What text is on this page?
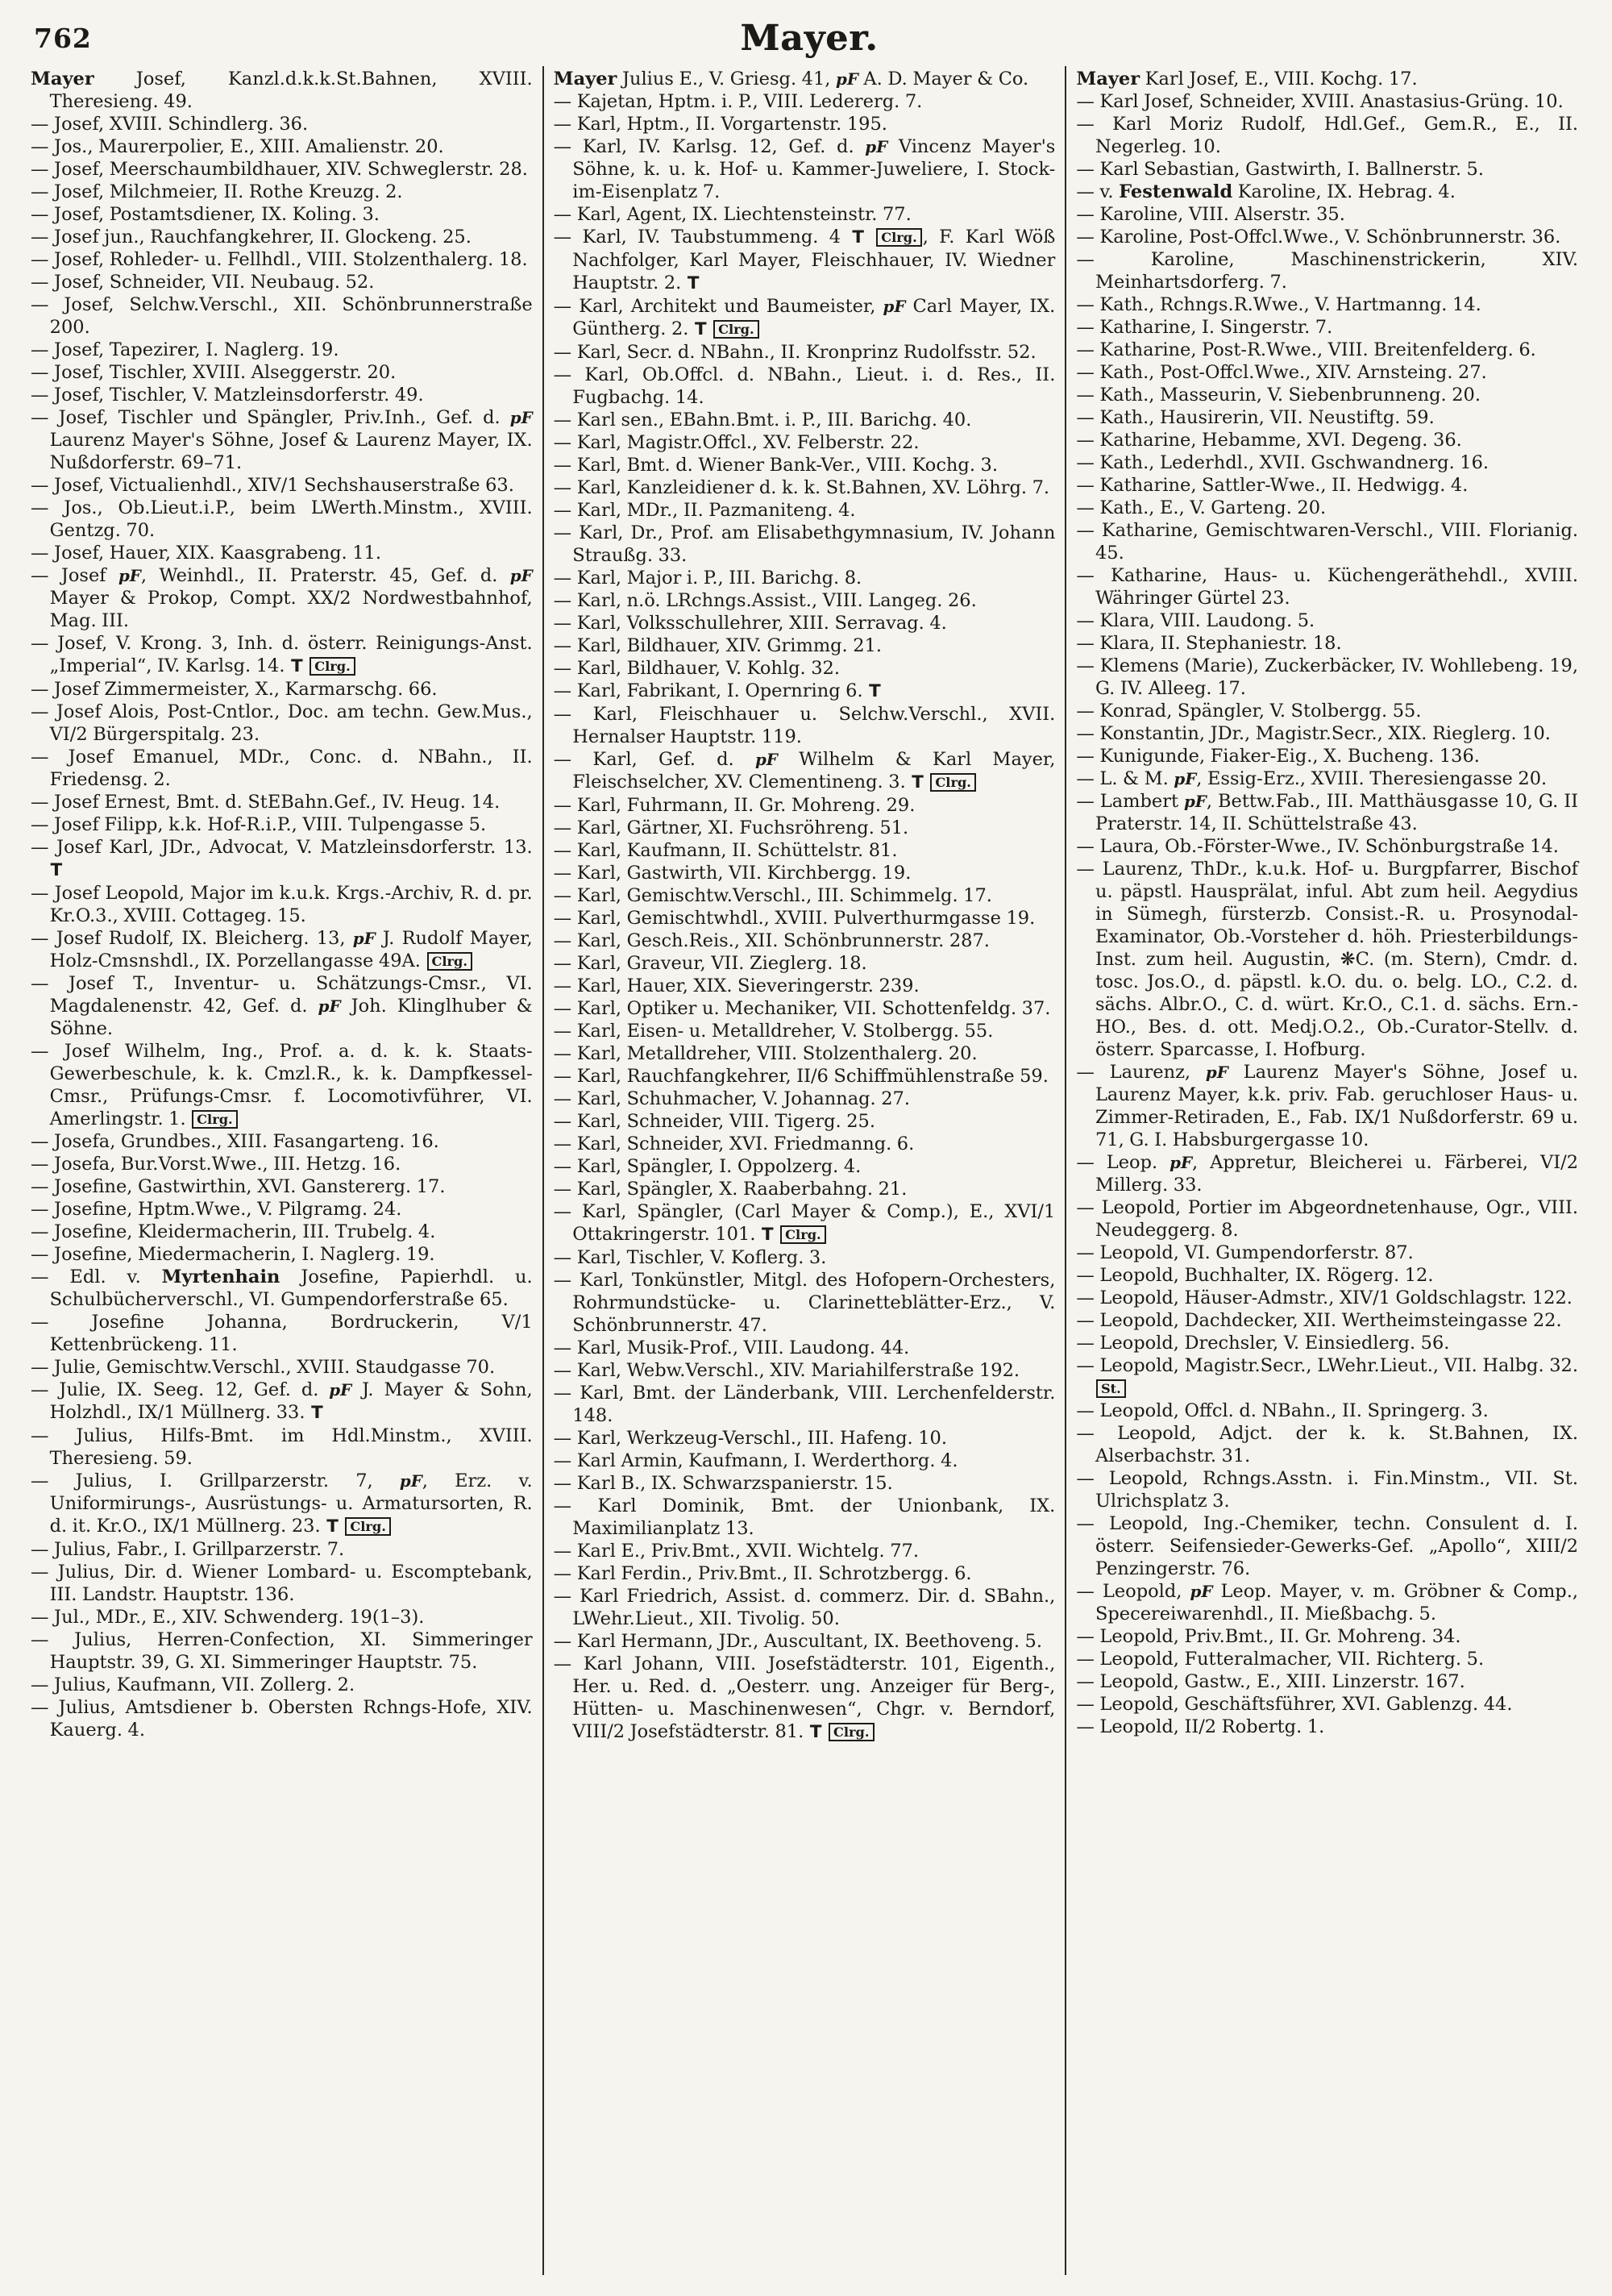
762	Mayer.

Mayer Josef, Kanzl.d.k.k.St.Bahnen, XVIII. Theresieng. 49.

— Josef, XVIII. Schindlerg. 36.

— Jos., Maurerpolier, E., XIII. Amalienstr. 20.

— Josef, Meerschaumbildhauer, XIV. Schweglerstr. 28.

— Josef, Milchmeier, II. Rothe Kreuzg. 2.

— Josef, Postamtsdiener, IX. Koling. 3.

— Josef jun., Rauchfangkehrer, II. Glockeng. 25.

— Josef, Rohleder- u. Fellhdl., VIII. Stolzenthalerg. 18.

— Josef, Schneider, VII. Neubaug. 52.

— Josef, Selchw.Verschl., XII. Schönbrunnerstraße 200.

— Josef, Tapezirer, I. Naglerg. 19.

— Josef, Tischler, XVIII. Alseggerstr. 20.

— Josef, Tischler, V. Matzleinsdorferstr. 49.

— Josef, Tischler und Spängler, Priv.Inh., Gef. d. pF Laurenz Mayer's Söhne, Josef & Laurenz Mayer, IX. Nußdorferstr. 69–71.

— Josef, Victualienhdl., XIV/1 Sechshauserstraße 63.

— Jos., Ob.Lieut.i.P., beim LWerth.Minstm., XVIII. Gentzg. 70.

— Josef, Hauer, XIX. Kaasgrabeng. 11.

— Josef pF, Weinhdl., II. Praterstr. 45, Gef. d. pF Mayer & Prokop, Compt. XX/2 Nordwestbahnhof, Mag. III.

— Josef, V. Krong. 3, Inh. d. österr. Reinigungs-Anst. „Imperial“, IV. Karlsg. 14. T Clrg.

— Josef Zimmermeister, X., Karmarschg. 66.

— Josef Alois, Post-Cntlor., Doc. am techn. Gew.Mus., VI/2 Bürgerspitalg. 23.

— Josef Emanuel, MDr., Conc. d. NBahn., II. Friedensg. 2.

— Josef Ernest, Bmt. d. StEBahn.Gef., IV. Heug. 14.

— Josef Filipp, k.k. Hof-R.i.P., VIII. Tulpengasse 5.

— Josef Karl, JDr., Advocat, V. Matzleinsdorferstr. 13. T

— Josef Leopold, Major im k.u.k. Krgs.-Archiv, R. d. pr. Kr.O.3., XVIII. Cottageg. 15.

— Josef Rudolf, IX. Bleicherg. 13, pF J. Rudolf Mayer, Holz-Cmsnshdl., IX. Porzellangasse 49A. Clrg.

— Josef T., Inventur- u. Schätzungs-Cmsr., VI. Magdalenenstr. 42, Gef. d. pF Joh. Klinglhuber & Söhne.

— Josef Wilhelm, Ing., Prof. a. d. k. k. Staats-Gewerbeschule, k. k. Cmzl.R., k. k. Dampfkessel-Cmsr., Prüfungs-Cmsr. f. Locomotivführer, VI. Amerlingstr. 1. Clrg.

— Josefa, Grundbes., XIII. Fasangarteng. 16.

— Josefa, Bur.Vorst.Wwe., III. Hetzg. 16.

— Josefine, Gastwirthin, XVI. Ganstererg. 17.

— Josefine, Hptm.Wwe., V. Pilgramg. 24.

— Josefine, Kleidermacherin, III. Trubelg. 4.

— Josefine, Miedermacherin, I. Naglerg. 19.

— Edl. v. Myrtenhain Josefine, Papierhdl. u. Schulbücherverschl., VI. Gumpendorferstraße 65.

— Josefine Johanna, Bordruckerin, V/1 Kettenbrückeng. 11.

— Julie, Gemischtw.Verschl., XVIII. Staudgasse 70.

— Julie, IX. Seeg. 12, Gef. d. pF J. Mayer & Sohn, Holzhdl., IX/1 Müllnerg. 33. T

— Julius, Hilfs-Bmt. im Hdl.Minstm., XVIII. Theresieng. 59.

— Julius, I. Grillparzerstr. 7, pF, Erz. v. Uniformirungs-, Ausrüstungs- u. Armatursorten, R. d. it. Kr.O., IX/1 Müllnerg. 23. T Clrg.

— Julius, Fabr., I. Grillparzerstr. 7.

— Julius, Dir. d. Wiener Lombard- u. Escomptebank, III. Landstr. Hauptstr. 136.

— Jul., MDr., E., XIV. Schwenderg. 19(1–3).

— Julius, Herren-Confection, XI. Simmeringer Hauptstr. 39, G. XI. Simmeringer Hauptstr. 75.

— Julius, Kaufmann, VII. Zollerg. 2.

— Julius, Amtsdiener b. Obersten Rchngs-Hofe, XIV. Kauerg. 4.

Mayer Julius E., V. Griesg. 41, pF A. D. Mayer & Co.

— Kajetan, Hptm. i. P., VIII. Ledererg. 7.

— Karl, Hptm., II. Vorgartenstr. 195.

— Karl, IV. Karlsg. 12, Gef. d. pF Vincenz Mayer's Söhne, k. u. k. Hof- u. Kammer-Juweliere, I. Stock-im-Eisenplatz 7.

— Karl, Agent, IX. Liechtensteinstr. 77.

— Karl, IV. Taubstummeng. 4 T Clrg. , F. Karl Wöß Nachfolger, Karl Mayer, Fleischhauer, IV. Wiedner Hauptstr. 2. T

— Karl, Architekt und Baumeister, pF Carl Mayer, IX. Güntherg. 2. T Clrg.

— Karl, Secr. d. NBahn., II. Kronprinz Rudolfsstr. 52.

— Karl, Ob.Offcl. d. NBahn., Lieut. i. d. Res., II. Fugbachg. 14.

— Karl sen., EBahn.Bmt. i. P., III. Barichg. 40.

— Karl, Magistr.Offcl., XV. Felberstr. 22.

— Karl, Bmt. d. Wiener Bank-Ver., VIII. Kochg. 3.

— Karl, Kanzleidiener d. k. k. St.Bahnen, XV. Löhrg. 7.

— Karl, MDr., II. Pazmaniteng. 4.

— Karl, Dr., Prof. am Elisabethgymnasium, IV. Johann Straußg. 33.

— Karl, Major i. P., III. Barichg. 8.

— Karl, n.ö. LRchngs.Assist., VIII. Langeg. 26.

— Karl, Volksschullehrer, XIII. Serravag. 4.

— Karl, Bildhauer, XIV. Grimmg. 21.

— Karl, Bildhauer, V. Kohlg. 32.

— Karl, Fabrikant, I. Opernring 6. T

— Karl, Fleischhauer u. Selchw.Verschl., XVII. Hernalser Hauptstr. 119.

— Karl, Gef. d. pF Wilhelm & Karl Mayer, Fleischselcher, XV. Clementineng. 3. T Clrg.

— Karl, Fuhrmann, II. Gr. Mohreng. 29.

— Karl, Gärtner, XI. Fuchsröhreng. 51.

— Karl, Kaufmann, II. Schüttelstr. 81.

— Karl, Gastwirth, VII. Kirchbergg. 19.

— Karl, Gemischtw.Verschl., III. Schimmelg. 17.

— Karl, Gemischtwhdl., XVIII. Pulverthurmgasse 19.

— Karl, Gesch.Reis., XII. Schönbrunnerstr. 287.

— Karl, Graveur, VII. Zieglerg. 18.

— Karl, Hauer, XIX. Sieveringerstr. 239.

— Karl, Optiker u. Mechaniker, VII. Schottenfeldg. 37.

— Karl, Eisen- u. Metalldreher, V. Stolbergg. 55.

— Karl, Metalldreher, VIII. Stolzenthalerg. 20.

— Karl, Rauchfangkehrer, II/6 Schiffmühlenstraße 59.

— Karl, Schuhmacher, V. Johannag. 27.

— Karl, Schneider, VIII. Tigerg. 25.

— Karl, Schneider, XVI. Friedmanng. 6.

— Karl, Spängler, I. Oppolzerg. 4.

— Karl, Spängler, X. Raaberbahng. 21.

— Karl, Spängler, (Carl Mayer & Comp.), E., XVI/1 Ottakringerstr. 101. T Clrg.

— Karl, Tischler, V. Koflerg. 3.

— Karl, Tonkünstler, Mitgl. des Hofopern-Orchesters, Rohrmundstücke- u. Clarinetteblätter-Erz., V. Schönbrunnerstr. 47.

— Karl, Musik-Prof., VIII. Laudong. 44.

— Karl, Webw.Verschl., XIV. Mariahilferstraße 192.

— Karl, Bmt. der Länderbank, VIII. Lerchenfelderstr. 148.

— Karl, Werkzeug-Verschl., III. Hafeng. 10.

— Karl Armin, Kaufmann, I. Werderthorg. 4.

— Karl B., IX. Schwarzspanierstr. 15.

— Karl Dominik, Bmt. der Unionbank, IX. Maximilianplatz 13.

— Karl E., Priv.Bmt., XVII. Wichtelg. 77.

— Karl Ferdin., Priv.Bmt., II. Schrotzbergg. 6.

— Karl Friedrich, Assist. d. commerz. Dir. d. SBahn., LWehr.Lieut., XII. Tivolig. 50.

— Karl Hermann, JDr., Auscultant, IX. Beethoveng. 5.

— Karl Johann, VIII. Josefstädterstr. 101, Eigenth., Her. u. Red. d. „Oesterr. ung. Anzeiger für Berg-, Hütten- u. Maschinenwesen“, Chgr. v. Berndorf, VIII/2 Josefstädterstr. 81. T Clrg.

Mayer Karl Josef, E., VIII. Kochg. 17.

— Karl Josef, Schneider, XVIII. Anastasius-Grüng. 10.

— Karl Moriz Rudolf, Hdl.Gef., Gem.R., E., II. Negerleg. 10.

— Karl Sebastian, Gastwirth, I. Ballnerstr. 5.

— v. Festenwald Karoline, IX. Hebrag. 4.

— Karoline, VIII. Alserstr. 35.

— Karoline, Post-Offcl.Wwe., V. Schönbrunnerstr. 36.

— Karoline, Maschinenstrickerin, XIV. Meinhartsdorferg. 7.

— Kath., Rchngs.R.Wwe., V. Hartmanng. 14.

— Katharine, I. Singerstr. 7.

— Katharine, Post-R.Wwe., VIII. Breitenfelderg. 6.

— Kath., Post-Offcl.Wwe., XIV. Arnsteing. 27.

— Kath., Masseurin, V. Siebenbrunneng. 20.

— Kath., Hausirerin, VII. Neustiftg. 59.

— Katharine, Hebamme, XVI. Degeng. 36.

— Kath., Lederhdl., XVII. Gschwandnerg. 16.

— Katharine, Sattler-Wwe., II. Hedwigg. 4.

— Kath., E., V. Garteng. 20.

— Katharine, Gemischtwaren-Verschl., VIII. Florianig. 45.

— Katharine, Haus- u. Küchengeräthehdl., XVIII. Währinger Gürtel 23.

— Klara, VIII. Laudong. 5.

— Klara, II. Stephaniestr. 18.

— Klemens (Marie), Zuckerbäcker, IV. Wohllebeng. 19, G. IV. Alleeg. 17.

— Konrad, Spängler, V. Stolbergg. 55.

— Konstantin, JDr., Magistr.Secr., XIX. Rieglerg. 10.

— Kunigunde, Fiaker-Eig., X. Bucheng. 136.

— L. & M. pF, Essig-Erz., XVIII. Theresiengasse 20.

— Lambert pF, Bettw.Fab., III. Matthäusgasse 10, G. II Praterstr. 14, II. Schüttelstraße 43.

— Laura, Ob.-Förster-Wwe., IV. Schönburgstraße 14.

— Laurenz, ThDr., k.u.k. Hof- u. Burgpfarrer, Bischof u. päpstl. Hausprälat, inful. Abt zum heil. Aegydius in Sümegh, fürsterzb. Consist.-R. u. Prosynodal-Examinator, Ob.-Vorsteher d. höh. Priesterbildungs-Inst. zum heil. Augustin, ❋C. (m. Stern), Cmdr. d. tosc. Jos.O., d. päpstl. k.O. du. o. belg. LO., C.2. d. sächs. Albr.O., C. d. würt. Kr.O., C.1. d. sächs. Ern.-HO., Bes. d. ott. Medj.O.2., Ob.-Curator-Stellv. d. österr. Sparcasse, I. Hofburg.

— Laurenz, pF Laurenz Mayer's Söhne, Josef u. Laurenz Mayer, k.k. priv. Fab. geruchloser Haus- u. Zimmer-Retiraden, E., Fab. IX/1 Nußdorferstr. 69 u. 71, G. I. Habsburgergasse 10.

— Leop. pF, Appretur, Bleicherei u. Färberei, VI/2 Millerg. 33.

— Leopold, Portier im Abgeordnetenhause, Ogr., VIII. Neudeggerg. 8.

— Leopold, VI. Gumpendorferstr. 87.

— Leopold, Buchhalter, IX. Rögerg. 12.

— Leopold, Häuser-Admstr., XIV/1 Goldschlagstr. 122.

— Leopold, Dachdecker, XII. Wertheimsteingasse 22.

— Leopold, Drechsler, V. Einsiedlerg. 56.

— Leopold, Magistr.Secr., LWehr.Lieut., VII. Halbg. 32. St.

— Leopold, Offcl. d. NBahn., II. Springerg. 3.

— Leopold, Adjct. der k. k. St.Bahnen, IX. Alserbachstr. 31.

— Leopold, Rchngs.Asstn. i. Fin.Minstm., VII. St. Ulrichsplatz 3.

— Leopold, Ing.-Chemiker, techn. Consulent d. I. österr. Seifensieder-Gewerks-Gef. „Apollo“, XIII/2 Penzingerstr. 76.

— Leopold, pF Leop. Mayer, v. m. Gröbner & Comp., Specereiwarenhdl., II. Mießbachg. 5.

— Leopold, Priv.Bmt., II. Gr. Mohreng. 34.

— Leopold, Futteralmacher, VII. Richterg. 5.

— Leopold, Gastw., E., XIII. Linzerstr. 167.

— Leopold, Geschäftsführer, XVI. Gablenzg. 44.

— Leopold, II/2 Robertg. 1.
